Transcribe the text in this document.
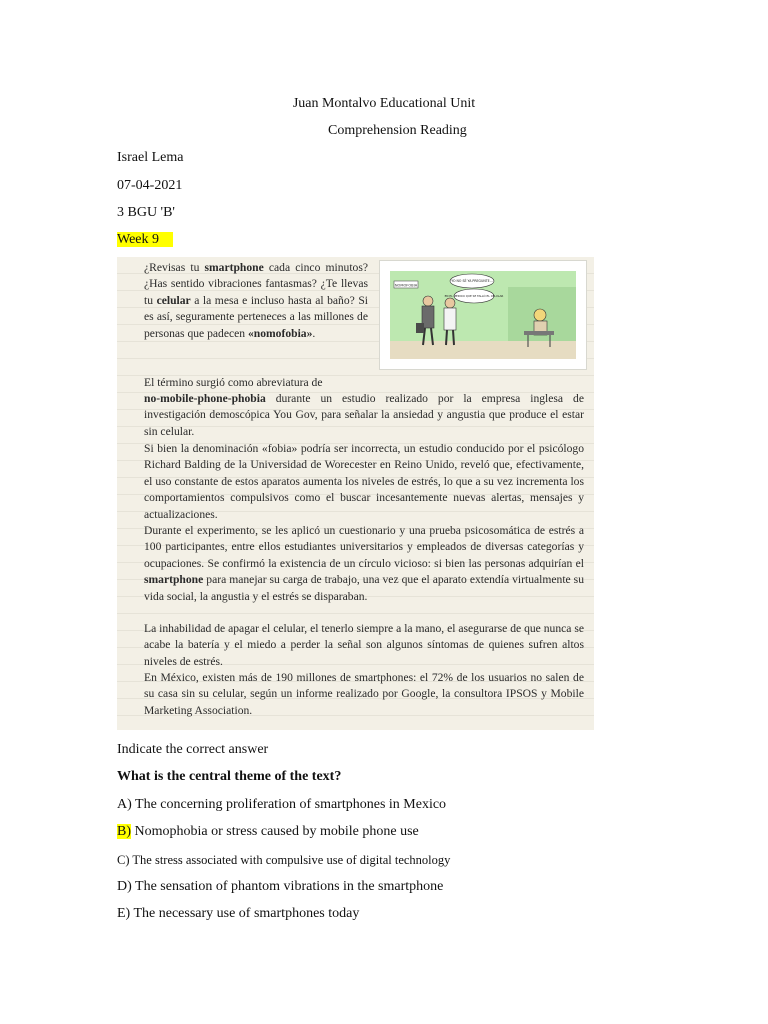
Juan Montalvo Educational Unit
Comprehension Reading
Israel Lema
07-04-2021
3 BGU 'B'
Week 9

¿Revisas tu smartphone cada cinco minutos? ¿Has sentido vibraciones fantasmas? ¿Te llevas tu celular a la mesa e incluso hasta al baño? Si es así, seguramente perteneces a las millones de personas que padecen «nomofobia».

El término surgió como abreviatura de

no-mobile-phone-phobia durante un estudio realizado por la empresa inglesa de investigación demoscópica You Gov, para señalar la ansiedad y angustia que produce el estar sin celular.

Si bien la denominación «fobia» podría ser incorrecta, un estudio conducido por el psicólogo Richard Balding de la Universidad de Worecester en Reino Unido, reveló que, efectivamente, el uso constante de estos aparatos aumenta los niveles de estrés, lo que a su vez incrementa los comportamientos compulsivos como el buscar incesantemente nuevas alertas, mensajes y actualizaciones.

Durante el experimento, se les aplicó un cuestionario y una prueba psicosomática de estrés a 100 participantes, entre ellos estudiantes universitarios y empleados de diversas categorías y ocupaciones. Se confirmó la existencia de un círculo vicioso: si bien las personas adquirían el smartphone para manejar su carga de trabajo, una vez que el aparato extendía virtualmente su vida social, la angustia y el estrés se disparaban.

La inhabilidad de apagar el celular, el tenerlo siempre a la mano, el asegurarse de que nunca se acabe la batería y el miedo a perder la señal son algunos síntomas de quienes sufren altos niveles de estrés.

En México, existen más de 190 millones de smartphones: el 72% de los usuarios no salen de su casa sin su celular, según un informe realizado por Google, la consultora IPSOS y Mobile Marketing Association.

NOMOFOBIA
YO NO SÉ YA PREGUNTE...
EN EL MÉDICO QUE SE FALLÓ EL CELULAR
Indicate the correct answer
What is the central theme of the text?
A) The concerning proliferation of smartphones in Mexico
B) Nomophobia or stress caused by mobile phone use
C) The stress associated with compulsive use of digital technology
D) The sensation of phantom vibrations in the smartphone
E) The necessary use of smartphones today
